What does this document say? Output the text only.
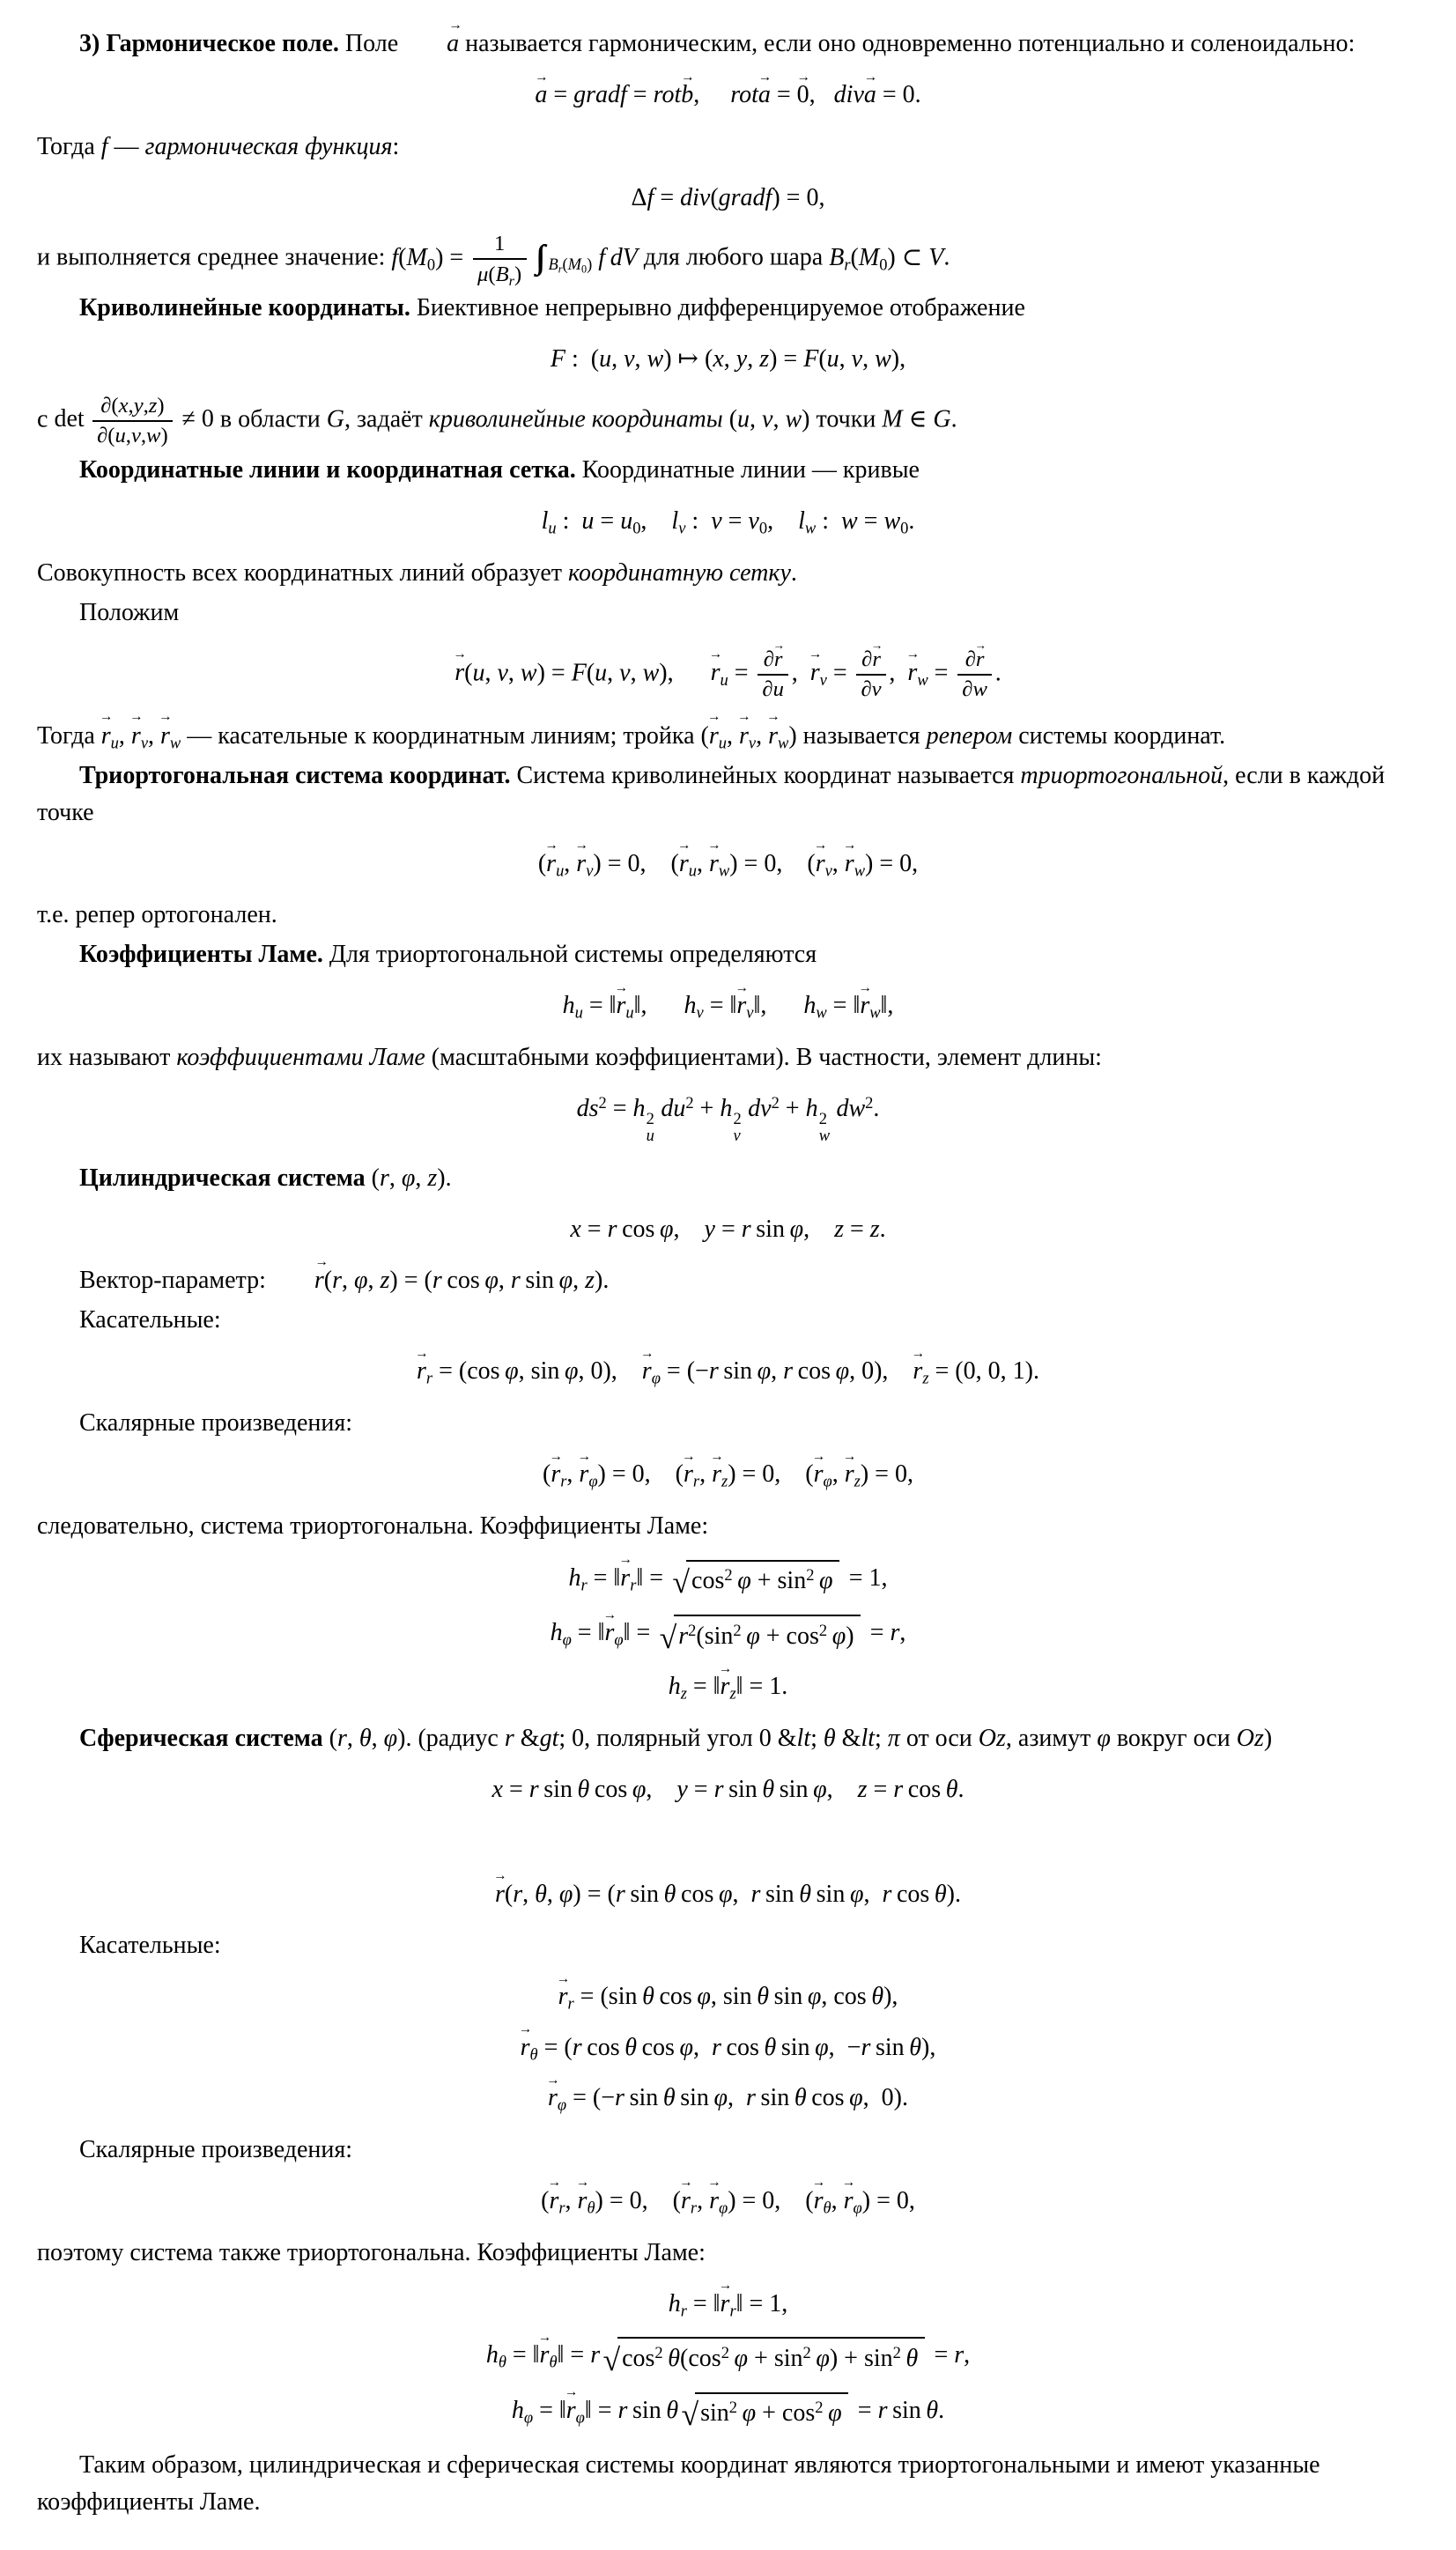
3) Гармоническое поле. Поле → a называется гармоническим, если оно одновременно потенциально и соленоидально:

→ a = gradf = rot→ b,  rot→ a = → 0,  div→ a = 0.

Тогда f — гармоническая функция:

Δf = div(gradf) = 0,

и выполняется среднее значение: $f(M_0) = \frac{1}{\mu(B_r)}$ ∫∫∫ $_{B_r(M_0)}$ f  dV для любого шара $B_r(M_0)$ ⊂ V.

Криволинейные координаты. Биективное непрерывно дифференцируемое отображение

F : (u, v, w) ↦ (x, y, z) = F(u, v, w),

с $\det \frac{\partial(x,y,z)}{\partial(u,v,w)} \ne 0$ в области G, задаёт криволинейные координаты (u, v, w) точки M ∈ G.

Координатные линии и координатная сетка. Координатные линии — кривые

$l_u$ : $u = u_0$, $l_v$ : $v = v_0$, $l_w$ : $w = w_0$.

Совокупность всех координатных линий образует координатную сетку.

Положим

→ r(u, v, w) = F(u, v, w),  → $r_u = \frac{\partial\to r}{\partial u}$ , → $r_v = \frac{\partial\to r}{\partial v}$ , → $r_w = \frac{\partial\to r}{\partial w}$ .

Тогда → $r_u$, → $r_v$, → $r_w$ — касательные к координатным линиям; тройка (→ $r_u$, → $r_v$, → $r_w$) называется репером системы координат.

Триортогональная система координат. Система криволинейных координат называется триортогональной, если в каждой точке

(→ $r_u$, → $r_v) = 0$, (→ $r_u$, → $r_w) = 0$, (→ $r_v$, → $r_w) = 0$,

т.е. репер ортогонален.

Коэффициенты Ламе. Для триортогональной системы определяются

$h_u$ = ‖→ $r_u‖$,  $h_v$ = ‖→ $r_v‖$,  $h_w$ = ‖→ $r_w‖$,

их называют коэффициентами Ламе (масштабными коэффициентами). В частности, элемент длины:

$ds^2 = h$ 2
u
 $du^2 + h$ 2
v
 $dv^2 + h$ 2
w
 $dw^2$.

Цилиндрическая система (r, φ, z).

x = r  cos  φ, y = r  sin  φ, z = z.

Вектор-параметр: → r(r, φ, z) = (r  cos  φ, r  sin  φ, z).

Касательные:

→ $r_r = (\cos$  φ, sin  φ, 0), → $r_\varphi = (-r$  sin  φ, r  cos  φ, 0), → $r_z = (0$, 0, 1).

Скалярные произведения:

(→ $r_r$, → $r_\varphi) = 0$, (→ $r_r$, → $r_z) = 0$, (→ $r_\varphi$, → $r_z) = 0$,

следовательно, система триортогональна. Коэффициенты Ламе:

$h_r$ = ‖→ $r_r‖$ = √ $\cos^2 \varphi + \sin^2 \varphi = 1$,
$h_\varphi$ = ‖→ $r_\varphi‖$ = √ $r^2(\sin^2$  $\varphi + \cos^2 \varphi) = r$,
$h_z$ = ‖→ $r_z‖ = 1$.

Сферическая система (r, θ, φ). (радиус r &gt; 0, полярный угол 0 &lt; θ &lt; π от оси Oz, азимут φ вокруг оси Oz)

x = r  sin  θ  cos  φ, y = r  sin  θ  sin  φ, z = r  cos  θ.
→ r(r, θ, φ) = (r  sin  θ  cos  φ, r  sin  θ  sin  φ, r  cos  θ).

Касательные:

→ $r_r = (\sin$  θ  cos  φ, sin  θ  sin  φ, cos  θ),
→ $r_\theta = (r$  cos  θ  cos  φ, r  cos  θ  sin  φ, −r  sin  θ),
→ $r_\varphi = (-r$  sin  θ  sin  φ, r  sin  θ  cos  φ, 0).

Скалярные произведения:

(→ $r_r$, → $r_\theta) = 0$, (→ $r_r$, → $r_\varphi) = 0$, (→ $r_\theta$, → $r_\varphi) = 0$,

поэтому система также триортогональна. Коэффициенты Ламе:

$h_r$ = ‖→ $r_r‖ = 1$,
$h_\theta$ = ‖→ $r_\theta‖ = r$ √ $\cos^2 \theta(\cos^2$  $\varphi + \sin^2 \varphi) + \sin^2 \theta = r$,
$h_\varphi$ = ‖→ $r_\varphi‖ = r$  sin  θ √ $\sin^2 \varphi + \cos^2 \varphi = r$  sin  θ.

Таким образом, цилиндрическая и сферическая системы координат являются триортогональными и имеют указанные коэффициенты Ламе.
